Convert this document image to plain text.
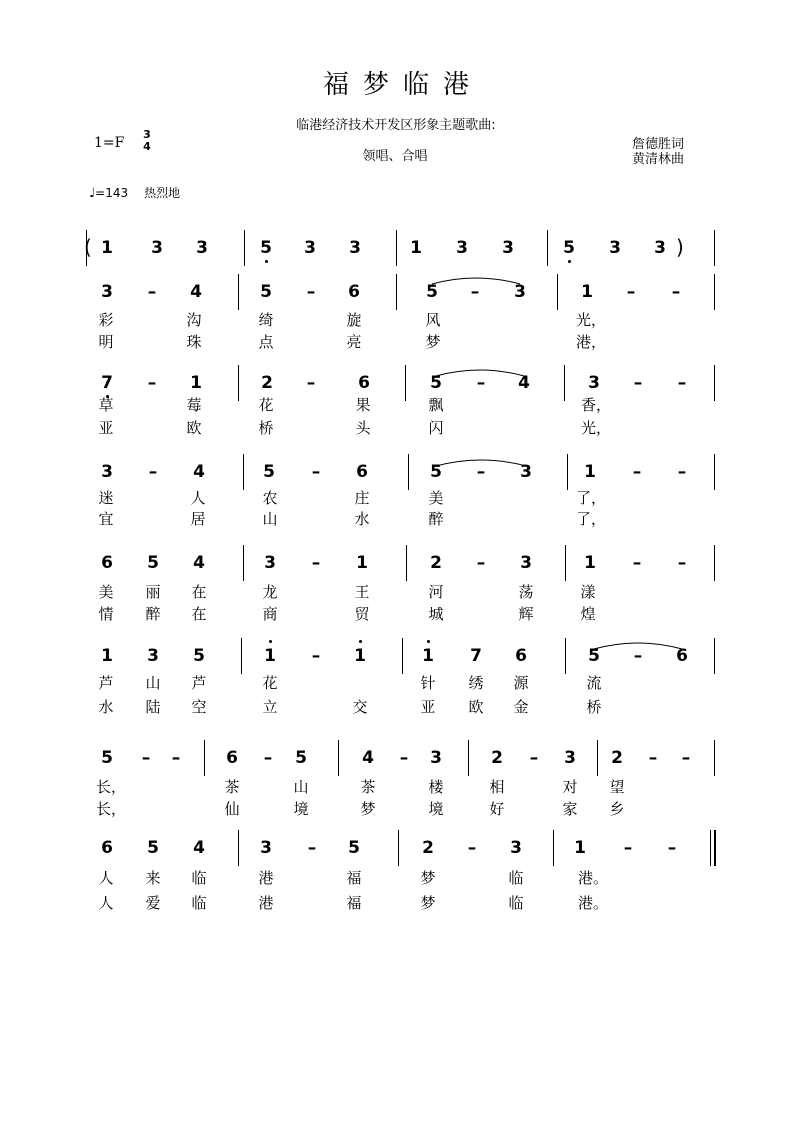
福梦临港
临港经济技术开发区形象主题歌曲:
1=F
3
4
领唱、合唱
詹德胜词
黄清林曲
♩=143 热烈地
1	3	3	5	3	3	1	3	3	5	3	3
(	)
3	–	4	5	–	6	5	–	3	1	–	–
彩	沟	绮	旋	风	光，
明	珠	点	亮	梦	港，
7	–	1	2	–	6	5	–	4	3	–	–
草	莓	花	果	飘	香，
亚	欧	桥	头	闪	光，
3	–	4	5	–	6	5	–	3	1	–	–
迷	人	农	庄	美	了，
宜	居	山	水	醉	了，
6	5	4	3	–	1	2	–	3	1	–	–
美	丽	在	龙	王	河	荡	漾
情	醉	在	商	贸	城	辉	煌
1	3	5	1	–	1	1	7	6	5	–	6
芦	山	芦	花	针	绣	源	流
水	陆	空	立	交	亚	欧	金	桥
5	–	–	6	–	5	4	–	3	2	–	3	2	–	–
长，	茶	山	茶	楼	相	对	望
长，	仙	境	梦	境	好	家	乡
6	5	4	3	–	5	2	–	3	1	–	–
人	来	临	港	福	梦	临	港。
人	爱	临	港	福	梦	临	港。
